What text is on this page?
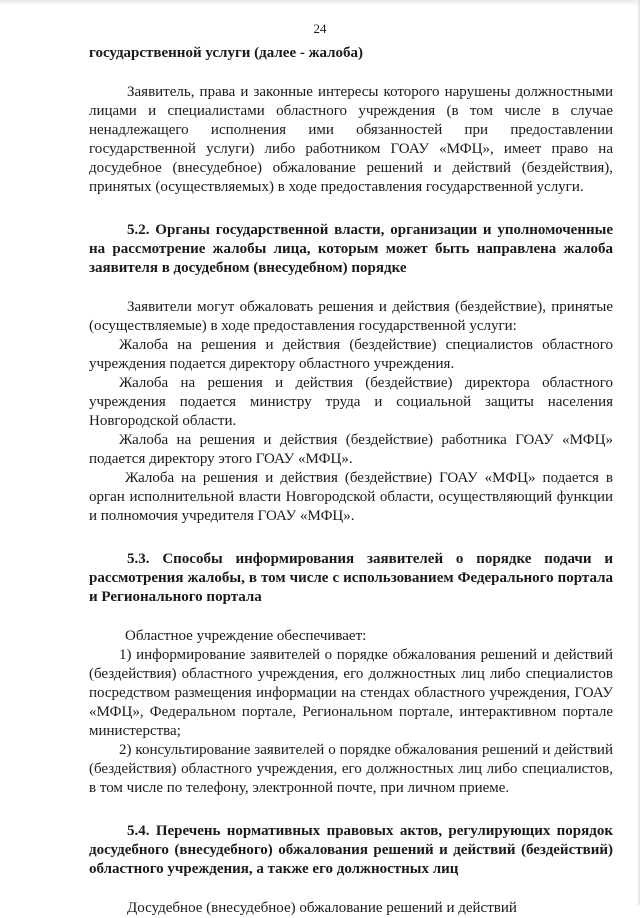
24

государственной услуги (далее - жалоба)

Заявитель, права и законные интересы которого нарушены должностными лицами и специалистами областного учреждения (в том числе в случае ненадлежащего исполнения ими обязанностей при предоставлении государственной услуги) либо работником ГОАУ «МФЦ», имеет право на досудебное (внесудебное) обжалование решений и действий (бездействия), принятых (осуществляемых) в ходе предоставления государственной услуги.

5.2. Органы государственной власти, организации и уполномоченные на рассмотрение жалобы лица, которым может быть направлена жалоба заявителя в досудебном (внесудебном) порядке

Заявители могут обжаловать решения и действия (бездействие), принятые (осуществляемые) в ходе предоставления государственной услуги:

Жалоба на решения и действия (бездействие) специалистов областного учреждения подается директору областного учреждения.

Жалоба на решения и действия (бездействие) директора областного учреждения подается министру труда и социальной защиты населения Новгородской области.

Жалоба на решения и действия (бездействие) работника ГОАУ «МФЦ» подается директору этого ГОАУ «МФЦ».

Жалоба на решения и действия (бездействие) ГОАУ «МФЦ» подается в орган исполнительной власти Новгородской области, осуществляющий функции и полномочия учредителя ГОАУ «МФЦ».

5.3. Способы информирования заявителей о порядке подачи и рассмотрения жалобы, в том числе с использованием Федерального портала и Регионального портала

Областное учреждение обеспечивает:

1) информирование заявителей о порядке обжалования решений и действий (бездействия) областного учреждения, его должностных лиц либо специалистов посредством размещения информации на стендах областного учреждения, ГОАУ «МФЦ», Федеральном портале, Региональном портале, интерактивном портале министерства;

2) консультирование заявителей о порядке обжалования решений и действий (бездействия) областного учреждения, его должностных лиц либо специалистов, в том числе по телефону, электронной почте, при личном приеме.

5.4. Перечень нормативных правовых актов, регулирующих порядок досудебного (внесудебного) обжалования решений и действий (бездействий) областного учреждения, а также его должностных лиц

Досудебное (внесудебное) обжалование решений и действий
